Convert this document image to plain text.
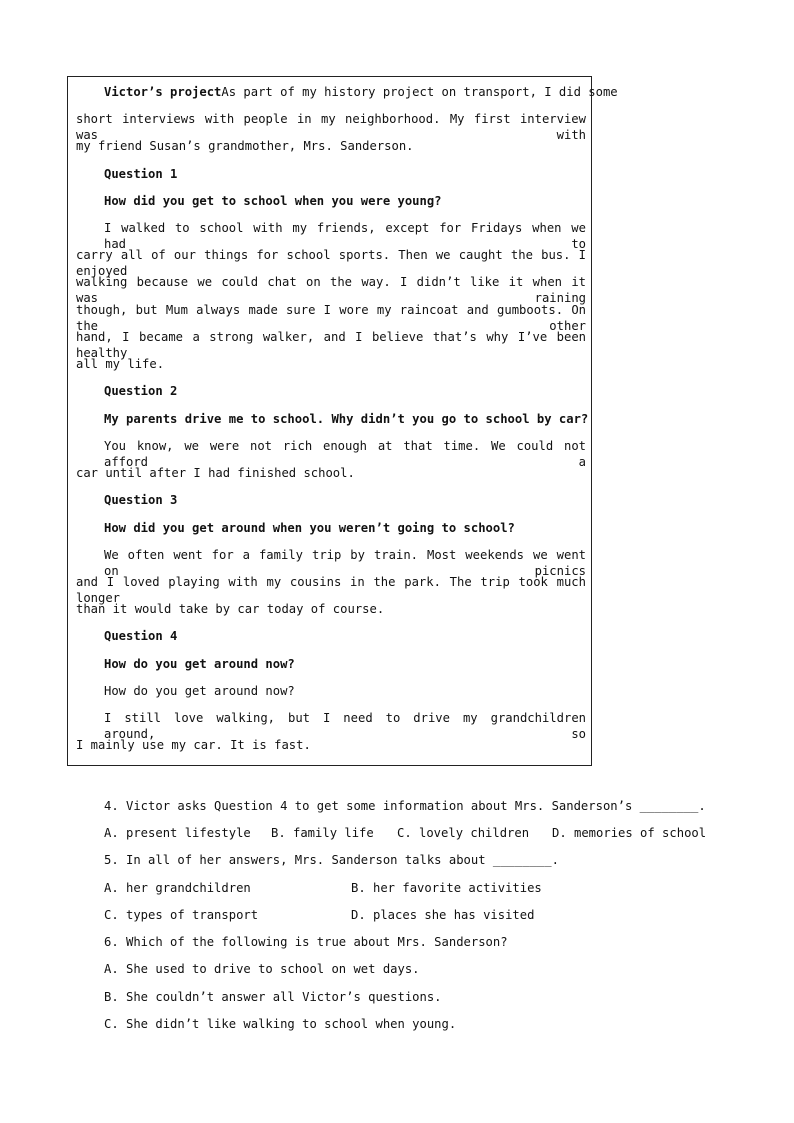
Victor’s projectAs part of my history project on transport, I did some
short interviews with people in my neighborhood. My first interview was with
my friend Susan’s grandmother, Mrs. Sanderson.
Question 1
How did you get to school when you were young?
I walked to school with my friends, except for Fridays when we had to
carry all of our things for school sports. Then we caught the bus. I enjoyed
walking because we could chat on the way. I didn’t like it when it was raining
though, but Mum always made sure I wore my raincoat and gumboots. On the other
hand, I became a strong walker, and I believe that’s why I’ve been healthy
all my life.
Question 2
My parents drive me to school. Why didn’t you go to school by car?
You know, we were not rich enough at that time. We could not afford a
car until after I had finished school.
Question 3
How did you get around when you weren’t going to school?
We often went for a family trip by train. Most weekends we went on picnics
and I loved playing with my cousins in the park. The trip took much longer
than it would take by car today of course.
Question 4
How do you get around now?
How do you get around now?
I still love walking, but I need to drive my grandchildren around, so
I mainly use my car. It is fast.
4. Victor asks Question 4 to get some information about Mrs. Sanderson’s ________.
A. present lifestyle B. family life C. lovely children D. memories of school
5. In all of her answers, Mrs. Sanderson talks about ________.
A. her grandchildren	B. her favorite activities
C. types of transport	D. places she has visited
6. Which of the following is true about Mrs. Sanderson?
A. She used to drive to school on wet days.
B. She couldn’t answer all Victor’s questions.
C. She didn’t like walking to school when young.
